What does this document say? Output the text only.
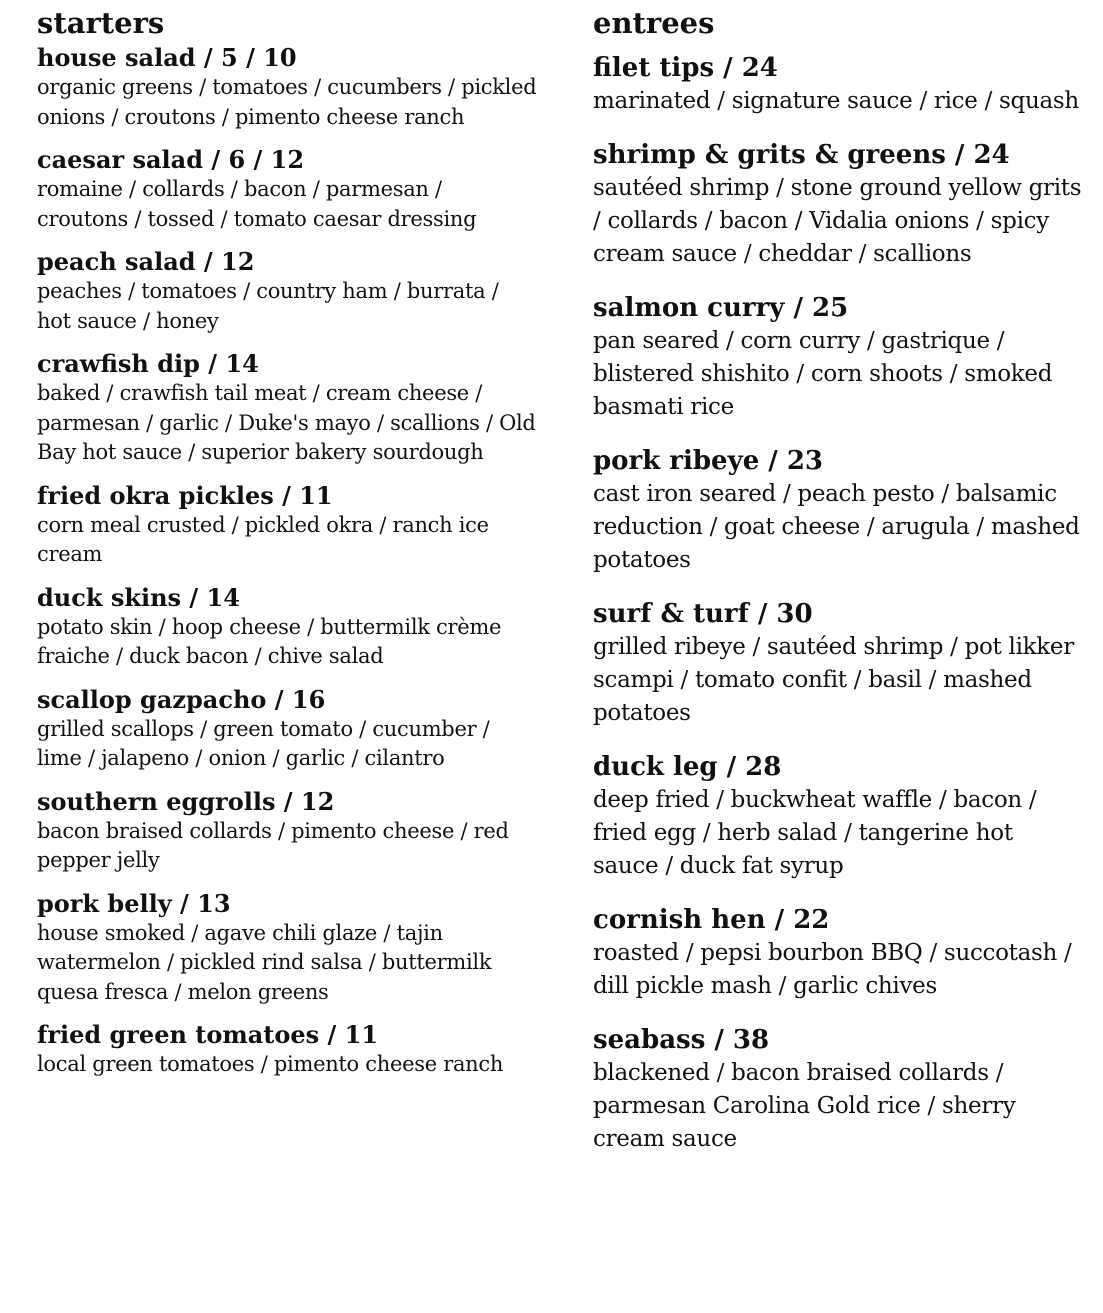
starters
house salad / 5 / 10
organic greens / tomatoes / cucumbers / pickled onions / croutons / pimento cheese ranch
caesar salad / 6 / 12
romaine / collards / bacon / parmesan / croutons / tossed / tomato caesar dressing
peach salad / 12
peaches / tomatoes / country ham / burrata / hot sauce / honey
crawfish dip / 14
baked / crawfish tail meat / cream cheese / parmesan / garlic / Duke's mayo / scallions / Old Bay hot sauce / superior bakery sourdough
fried okra pickles / 11
corn meal crusted / pickled okra / ranch ice cream
duck skins / 14
potato skin / hoop cheese / buttermilk crème fraiche / duck bacon / chive salad
scallop gazpacho / 16
grilled scallops / green tomato / cucumber / lime / jalapeno / onion / garlic / cilantro
southern eggrolls / 12
bacon braised collards / pimento cheese / red pepper jelly
pork belly / 13
house smoked / agave chili glaze / tajin watermelon / pickled rind salsa / buttermilk quesa fresca / melon greens
fried green tomatoes / 11
local green tomatoes / pimento cheese ranch
entrees
filet tips / 24
marinated / signature sauce / rice / squash
shrimp & grits & greens / 24
sautéed shrimp / stone ground yellow grits / collards / bacon / Vidalia onions / spicy cream sauce / cheddar / scallions
salmon curry / 25
pan seared / corn curry / gastrique / blistered shishito / corn shoots / smoked basmati rice
pork ribeye / 23
cast iron seared / peach pesto / balsamic reduction / goat cheese / arugula / mashed potatoes
surf & turf / 30
grilled ribeye / sautéed shrimp / pot likker scampi / tomato confit / basil / mashed potatoes
duck leg / 28
deep fried / buckwheat waffle / bacon / fried egg / herb salad / tangerine hot sauce / duck fat syrup
cornish hen / 22
roasted / pepsi bourbon BBQ / succotash / dill pickle mash / garlic chives
seabass / 38
blackened / bacon braised collards / parmesan Carolina Gold rice / sherry cream sauce
